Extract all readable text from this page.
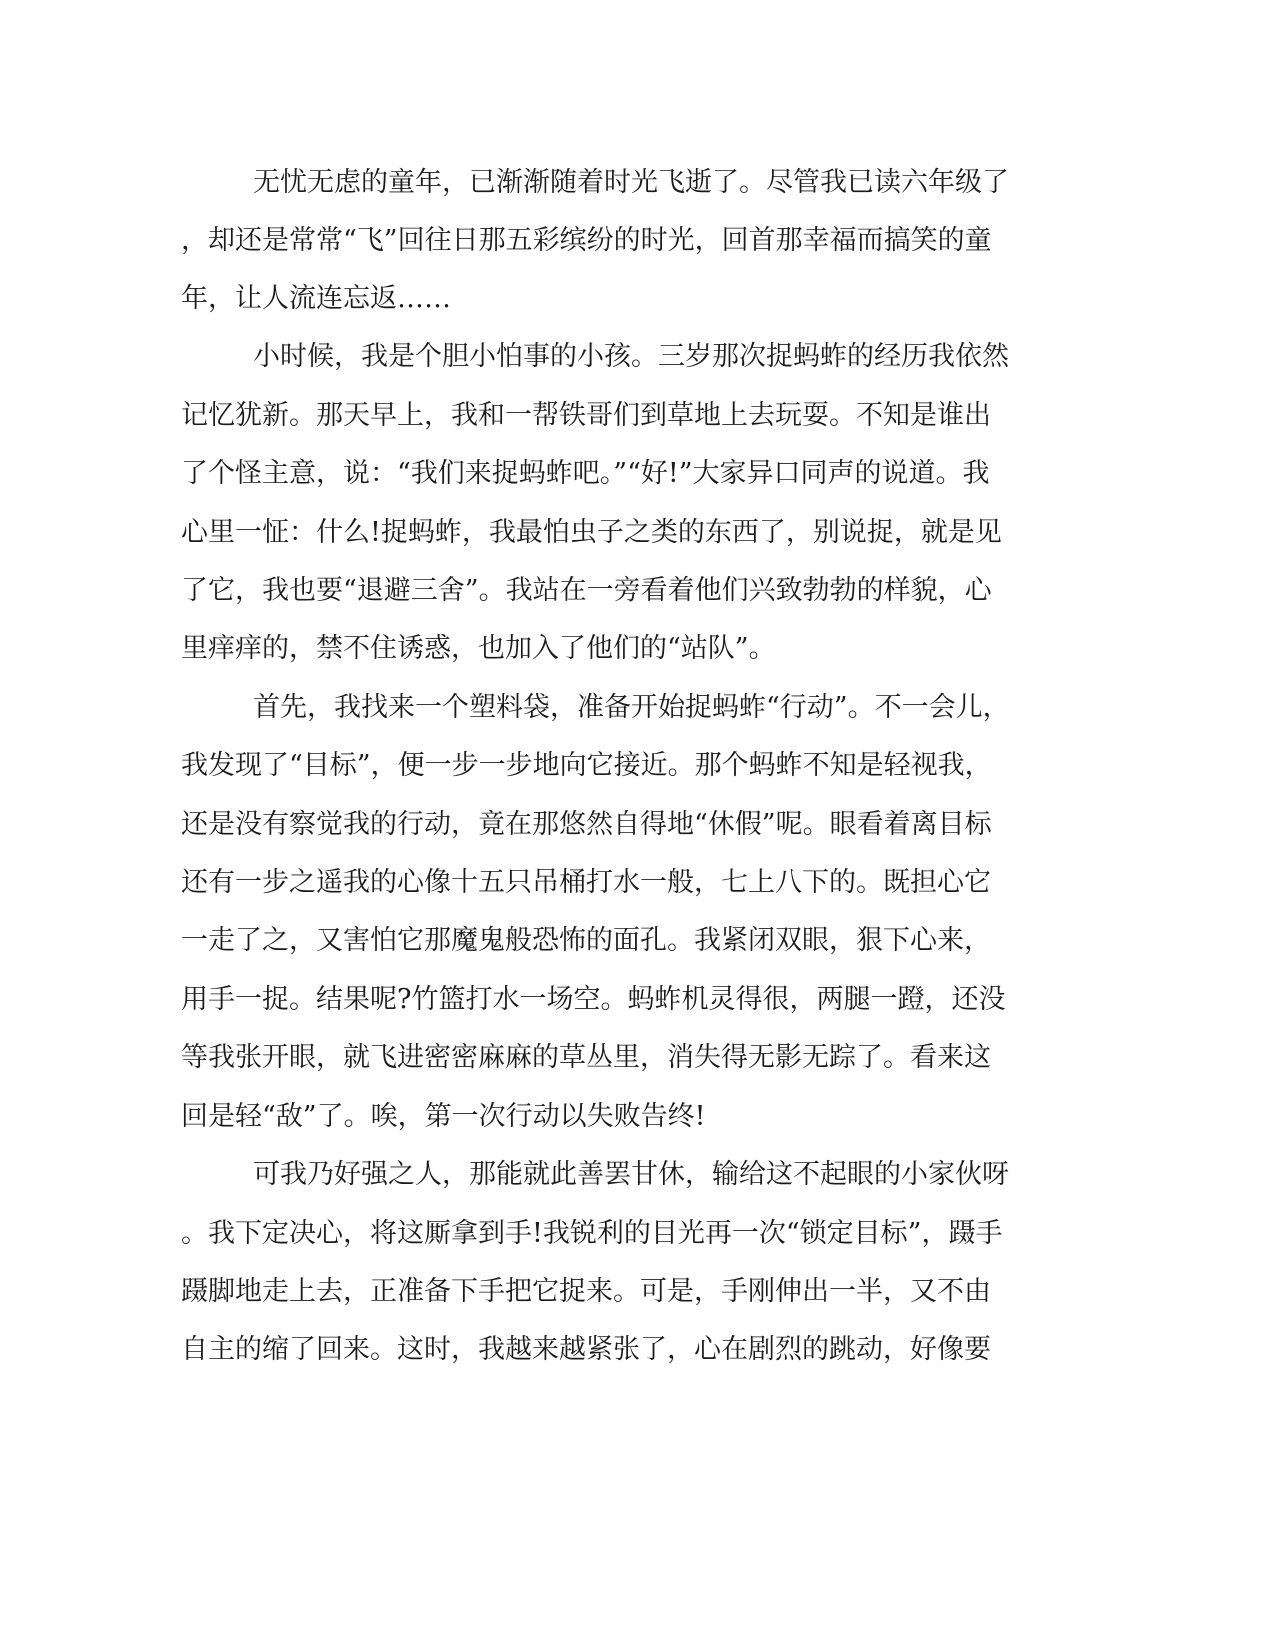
无忧无虑的童年，已渐渐随着时光飞逝了。尽管我已读六年级了

，却还是常常“飞”回往日那五彩缤纷的时光，回首那幸福而搞笑的童

年，让人流连忘返……

小时候，我是个胆小怕事的小孩。三岁那次捉蚂蚱的经历我依然

记忆犹新。那天早上，我和一帮铁哥们到草地上去玩耍。不知是谁出

了个怪主意，说：“我们来捉蚂蚱吧。”“好!”大家异口同声的说道。我

心里一怔：什么!捉蚂蚱，我最怕虫子之类的东西了，别说捉，就是见

了它，我也要“退避三舍”。我站在一旁看着他们兴致勃勃的样貌，心

里痒痒的，禁不住诱惑，也加入了他们的“站队”。

首先，我找来一个塑料袋，准备开始捉蚂蚱“行动”。不一会儿，

我发现了“目标”，便一步一步地向它接近。那个蚂蚱不知是轻视我，

还是没有察觉我的行动，竟在那悠然自得地“休假”呢。眼看着离目标

还有一步之遥我的心像十五只吊桶打水一般，七上八下的。既担心它

一走了之，又害怕它那魔鬼般恐怖的面孔。我紧闭双眼，狠下心来，

用手一捉。结果呢?竹篮打水一场空。蚂蚱机灵得很，两腿一蹬，还没

等我张开眼，就飞进密密麻麻的草丛里，消失得无影无踪了。看来这

回是轻“敌”了。唉，第一次行动以失败告终!

可我乃好强之人，那能就此善罢甘休，输给这不起眼的小家伙呀

。我下定决心，将这厮拿到手!我锐利的目光再一次“锁定目标”，蹑手

蹑脚地走上去，正准备下手把它捉来。可是，手刚伸出一半，又不由

自主的缩了回来。这时，我越来越紧张了，心在剧烈的跳动，好像要
